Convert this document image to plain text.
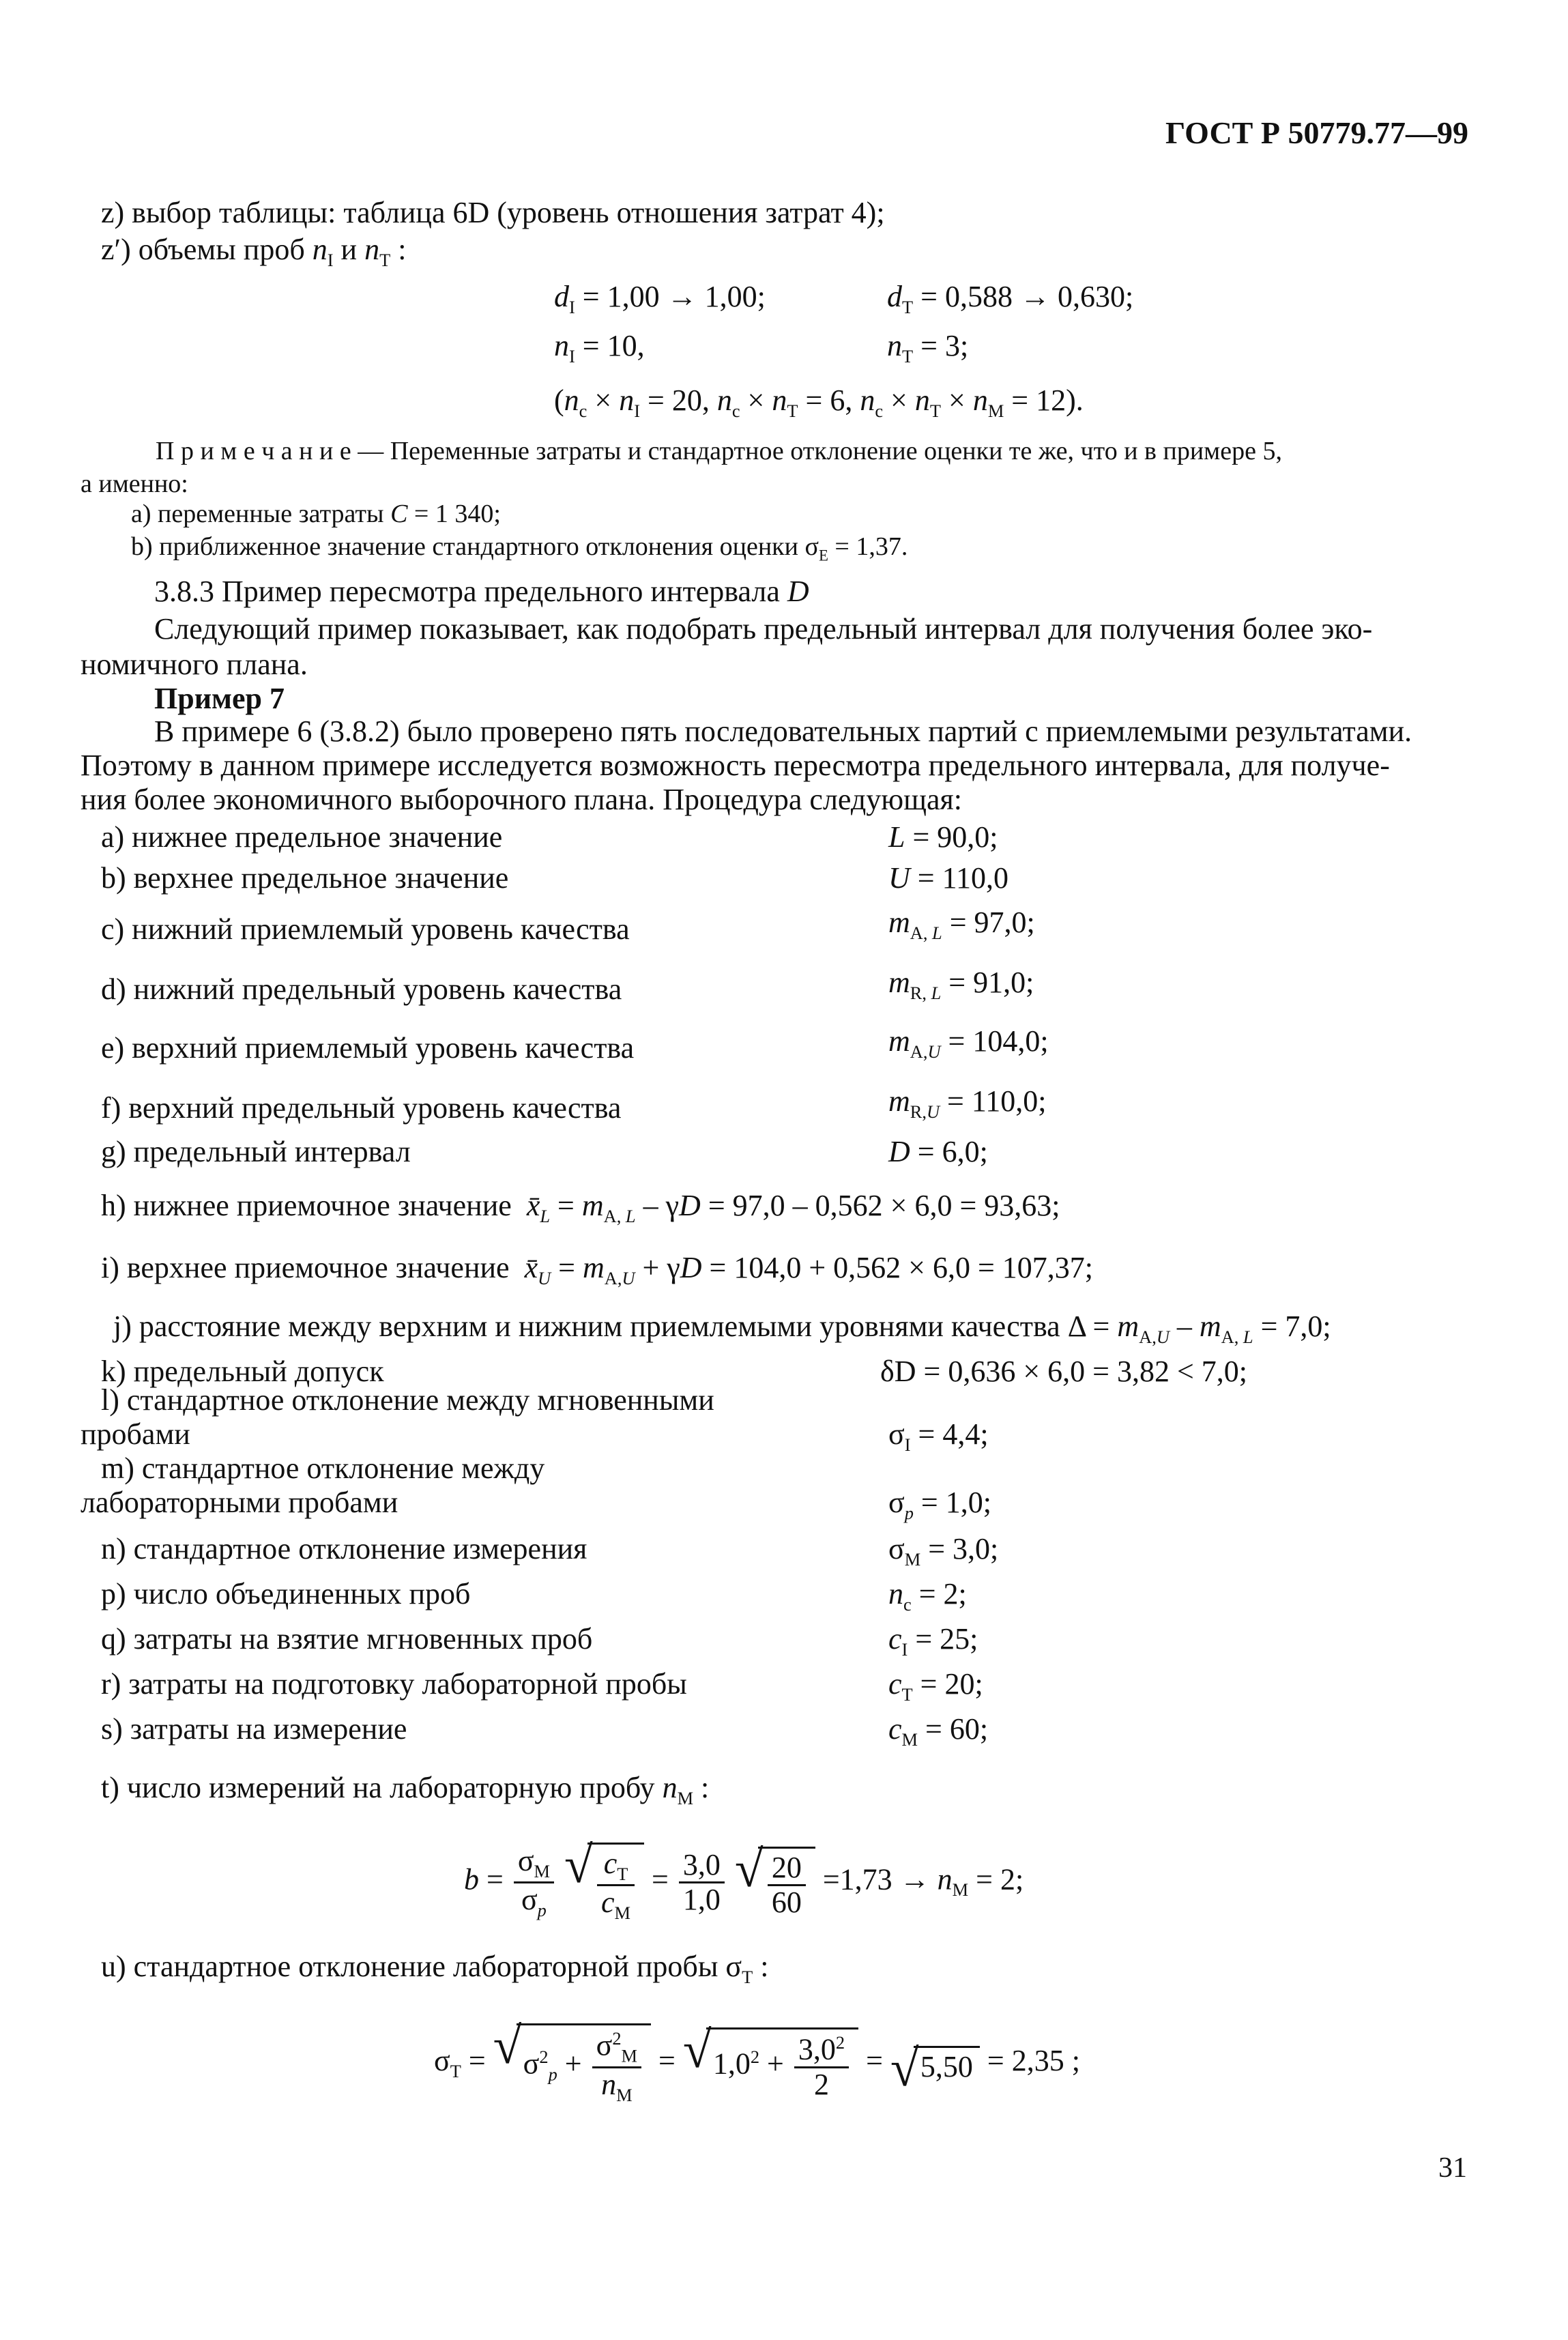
ГОСТ Р 50779.77—99
z) выбор таблицы: таблица 6D (уровень отношения затрат 4);
z′) объемы проб $n_I$ и $n_T$ :
$d_I = 1,00 \to 1,00$;	$d_T = 0,588 \to 0,630$;
$n_I = 10$,	$n_T = 3$;
($n_c \times n_I = 20$, $n_c \times n_T = 6$, $n_c \times n_T \times n_M = 12$).
П р и м е ч а н и е — Переменные затраты и стандартное отклонение оценки те же, что и в примере 5,
а именно:
а) переменные затраты C = 1 340;
b) приближенное значение стандартного отклонения оценки $\sigma_E = 1,37$.
3.8.3 Пример пересмотра предельного интервала D
Следующий пример показывает, как подобрать предельный интервал для получения более эко-
номичного плана.
Пример 7
В примере 6 (3.8.2) было проверено пять последовательных партий с приемлемыми результатами.
Поэтому в данном примере исследуется возможность пересмотра предельного интервала, для получе-
ния более экономичного выборочного плана. Процедура следующая:
а) нижнее предельное значение	L = 90,0;
b) верхнее предельное значение	U = 110,0
c) нижний приемлемый уровень качества	$m_{A, L} = 97,0$;
d) нижний предельный уровень качества	$m_{R, L} = 91,0$;
e) верхний приемлемый уровень качества	$m_{A,U} = 104,0$;
f) верхний предельный уровень качества	$m_{R,U} = 110,0$;
g) предельный интервал	D = 6,0;
h) нижнее приемочное значение $x̄_L = m_{A, L} - \gamma D = 97,0 - 0,562 \times 6,0 = 93,63$;
i) верхнее приемочное значение $x̄_U = m_{A,U} + \gamma D = 104,0 + 0,562 \times 6,0 = 107,37$;
j) расстояние между верхним и нижним приемлемыми уровнями качества $\Delta = m_{A,U} - m_{A, L} = 7,0$;
k) предельный допуск	δD = 0,636 × 6,0 = 3,82 < 7,0;
l) стандартное отклонение между мгновенными
пробами	$\sigma_I = 4,4$;
m) стандартное отклонение между
лабораторными пробами	$\sigma_p = 1,0$;
n) стандартное отклонение измерения	$\sigma_M = 3,0$;
p) число объединенных проб	$n_c = 2$;
q) затраты на взятие мгновенных проб	$c_I = 25$;
r) затраты на подготовку лабораторной пробы	$c_T = 20$;
s) затраты на измерение	$c_M = 60$;
t) число измерений на лабораторную пробу $n_M$ :
$b = \frac{\sigma_M}{\sigma_p}$
√ $\frac{c_T}{c_M} = \frac{3,0}{1,0}$
√ $\frac{20}{60} =1,73 \to n_M = 2$;
u) стандартное отклонение лабораторной пробы $\sigma_T$ :
$\sigma_T$ = √ $\sigma^2_p + \frac{\sigma^2_M}{n_M}$ = √ $1,0^2 + \frac{3,0^2}{2}$ = √ 5,50 = 2,35 ;
31
